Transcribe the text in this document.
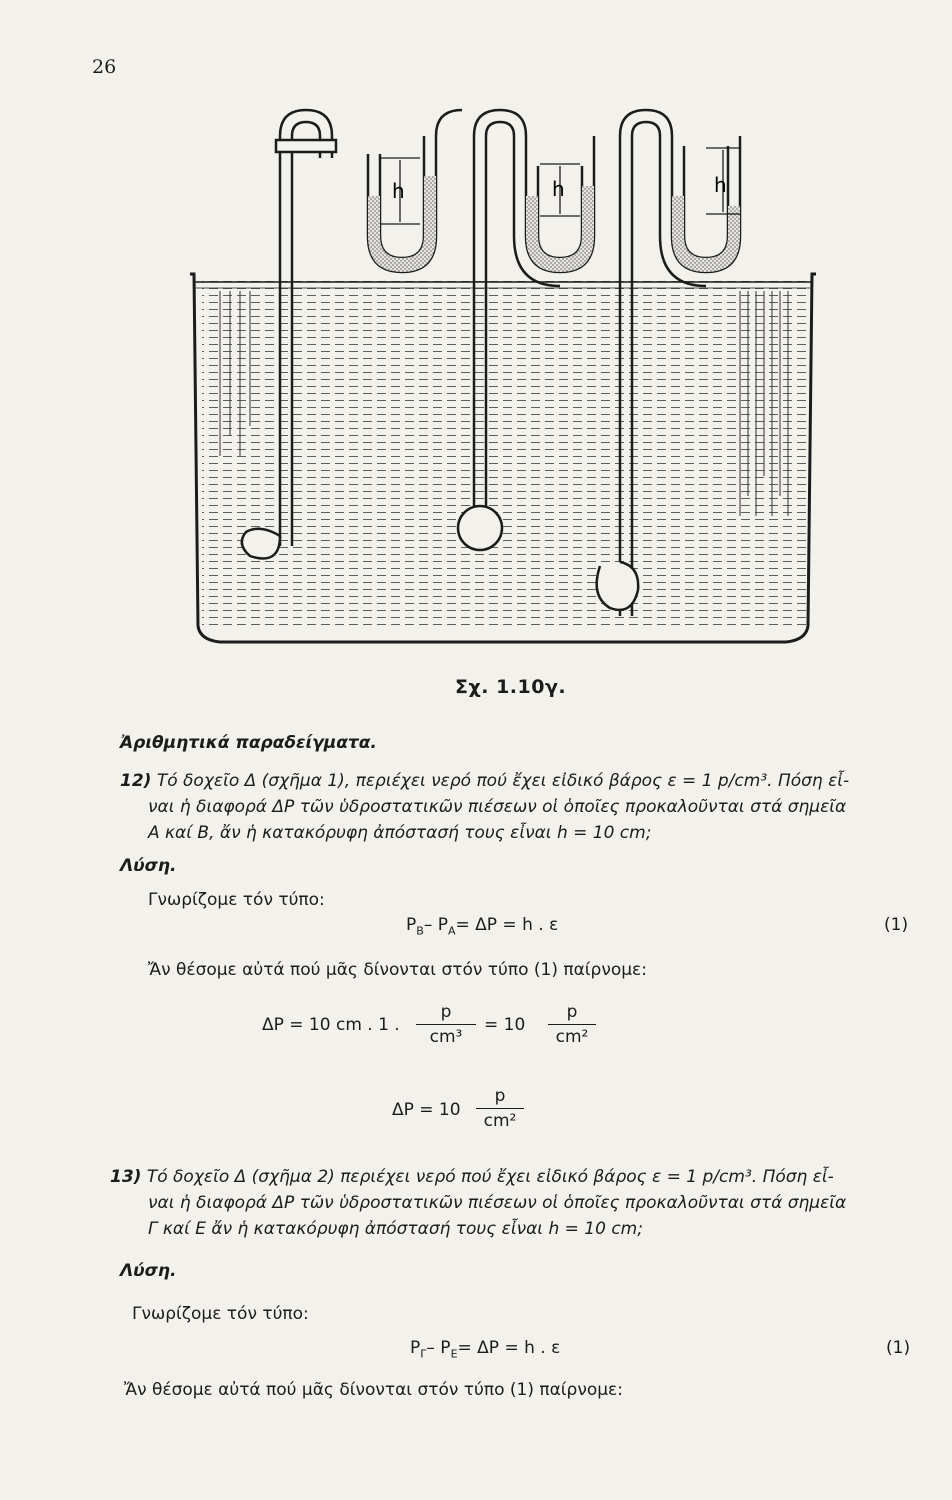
26
h	h	h
Σχ. 1.10γ.
Ἀριθμητικά παραδείγματα.
12) Τό δοχεῖο Δ (σχῆμα 1), περιέχει νερό πού ἔχει εἰδικό βάρος ε = 1 p/cm³. Πόση εἶ-
ναι ἡ διαφορά ΔP τῶν ὑδροστατικῶν πιέσεων οἱ ὁποῖες προκαλοῦνται στά σημεῖα
A καί B, ἄν ἡ κατακόρυφη ἀπόστασή τους εἶναι h = 10 cm;
Λύση.
Γνωρίζομε τόν τύπο:
$P_B-$ $P_A= \Delta P = h$ . ε	(1)
Ἄν θέσομε αὐτά πού μᾶς δίνονται στόν τύπο (1) παίρνομε:
ΔP = 10 cm . 1 .
p
cm³
= 10
p
cm²
ΔP = 10
p
cm²
13) Τό δοχεῖο Δ (σχῆμα 2) περιέχει νερό πού ἔχει εἰδικό βάρος ε = 1 p/cm³. Πόση εἶ-
ναι ἡ διαφορά ΔP τῶν ὑδροστατικῶν πιέσεων οἱ ὁποῖες προκαλοῦνται στά σημεῖα
Γ καί E ἄν ἡ κατακόρυφη ἀπόστασή τους εἶναι h = 10 cm;
Λύση.
Γνωρίζομε τόν τύπο:
$P_\Gamma-$ $P_E= \Delta P = h$ . ε	(1)
Ἄν θέσομε αὐτά πού μᾶς δίνονται στόν τύπο (1) παίρνομε:
